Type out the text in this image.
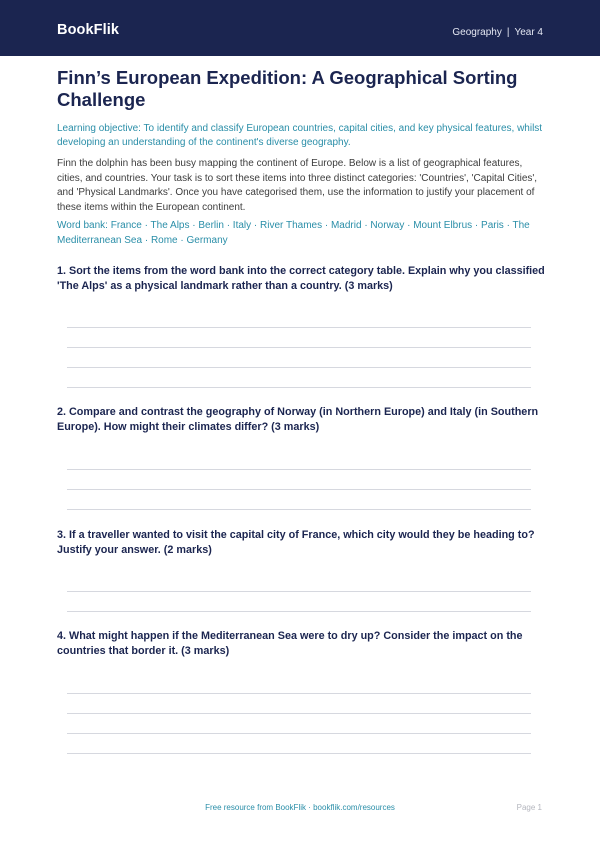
BookFlik	Geography | Year 4
Finn’s European Expedition: A Geographical Sorting Challenge

Learning objective: To identify and classify European countries, capital cities, and key physical features, whilst developing an understanding of the continent's diverse geography.

Finn the dolphin has been busy mapping the continent of Europe. Below is a list of geographical features, cities, and countries. Your task is to sort these items into three distinct categories: 'Countries', 'Capital Cities', and 'Physical Landmarks'. Once you have categorised them, use the information to justify your placement of these items within the European continent.

Word bank: France · The Alps · Berlin · Italy · River Thames · Madrid · Norway · Mount Elbrus · Paris · The Mediterranean Sea · Rome · Germany

1. Sort the items from the word bank into the correct category table. Explain why you classified 'The Alps' as a physical landmark rather than a country. (3 marks)

2. Compare and contrast the geography of Norway (in Northern Europe) and Italy (in Southern Europe). How might their climates differ? (3 marks)

3. If a traveller wanted to visit the capital city of France, which city would they be heading to? Justify your answer. (2 marks)

4. What might happen if the Mediterranean Sea were to dry up? Consider the impact on the countries that border it. (3 marks)

Free resource from BookFlik · bookflik.com/resources	Page 1
